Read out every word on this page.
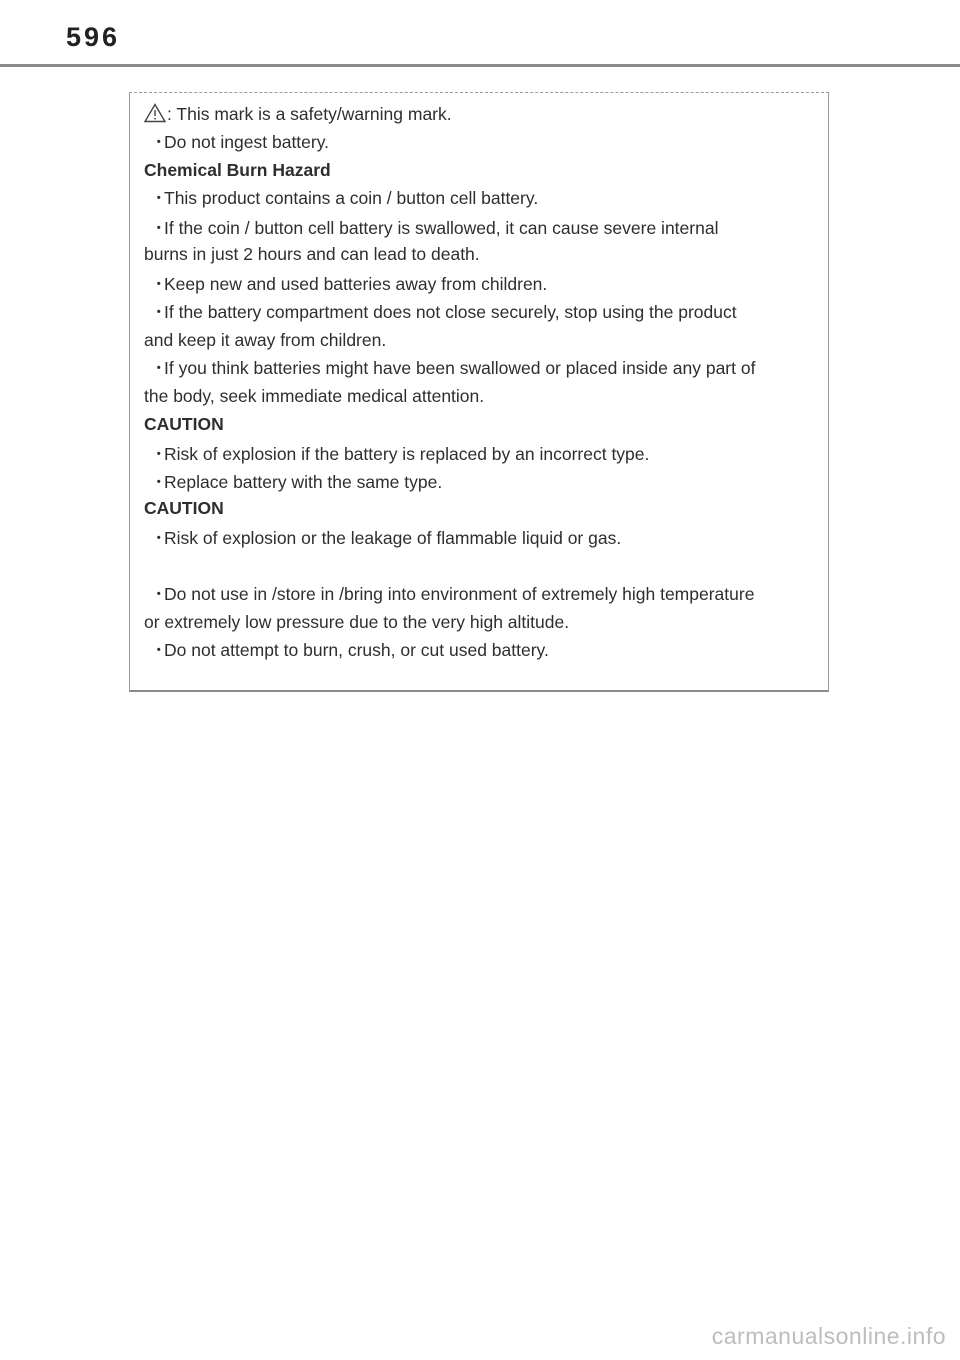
596
: This mark is a safety/warning mark.
・Do not ingest battery.
Chemical Burn Hazard
・This product contains a coin / button cell battery.
・If the coin / button cell battery is swallowed, it can cause severe internal
burns in just 2 hours and can lead to death.
・Keep new and used batteries away from children.
・If the battery compartment does not close securely, stop using the product
and keep it away from children.
・If you think batteries might have been swallowed or placed inside any part of
the body, seek immediate medical attention.
CAUTION
・Risk of explosion if the battery is replaced by an incorrect type.
・Replace battery with the same type.
CAUTION
・Risk of explosion or the leakage of flammable liquid or gas.
・Do not use in /store in /bring into environment of extremely high temperature
or extremely low pressure due to the very high altitude.
・Do not attempt to burn, crush, or cut used battery.
carmanualsonline.info
